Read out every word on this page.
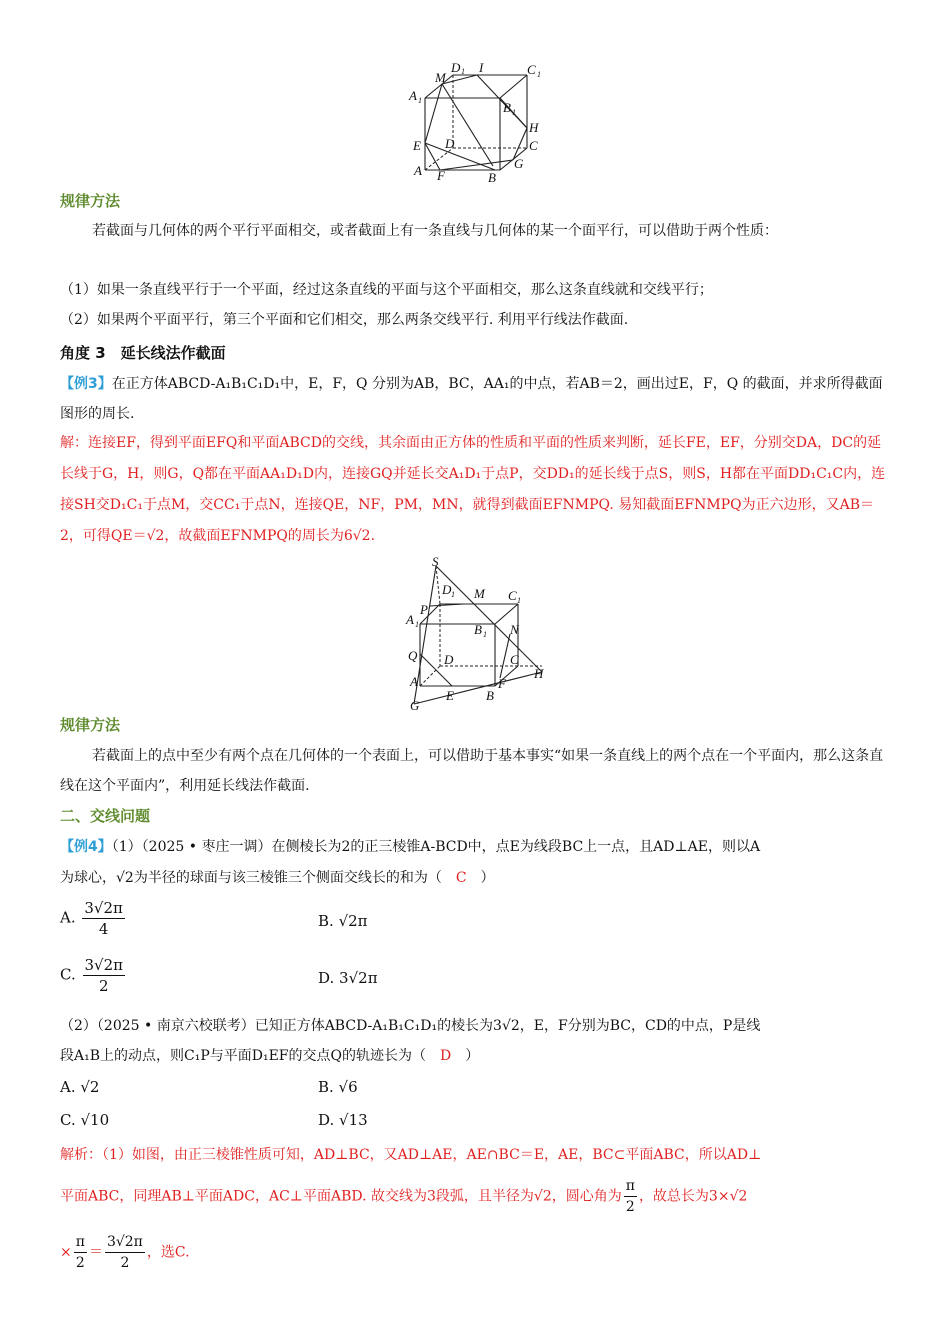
M
D 1 I	C 1
A 1	B 1
H
E D	C
A F	B
G
规律方法
若截面与几何体的两个平行平面相交，或者截面上有一条直线与几何体的某一个面平行，可以借助于两个性质：
（1）如果一条直线平行于一个平面，经过这条直线的平面与这个平面相交，那么这条直线就和交线平行；
（2）如果两个平面平行，第三个平面和它们相交，那么两条交线平行. 利用平行线法作截面.
角度 3　延长线法作截面
【例3】在正方体ABCD-A₁B₁C₁D₁中，E，F，Q 分别为AB，BC，AA₁的中点，若AB＝2，画出过E，F，Q 的截面，并求所得截面图形的周长.
解：连接EF，得到平面EFQ和平面ABCD的交线，其余面由正方体的性质和平面的性质来判断，延长FE，EF，分别交DA，DC的延长线于G，H，则G，Q都在平面AA₁D₁D内，连接GQ并延长交A₁D₁于点P，交DD₁的延长线于点S，则S，H都在平面DD₁C₁C内，连接SH交D₁C₁于点M，交CC₁于点N，连接QE，NF，PM，MN，就得到截面EFNMPQ. 易知截面EFNMPQ为正六边形，又AB＝2，可得QE＝√2，故截面EFNMPQ的周长为6√2.
S
D 1 M C 1
P
A 1	B 1 N
Q D	C
A	F
H
E B
G
规律方法
若截面上的点中至少有两个点在几何体的一个表面上，可以借助于基本事实“如果一条直线上的两个点在一个平面内，那么这条直线在这个平面内”，利用延长线法作截面.
二、交线问题
【例4】（1）（2025 • 枣庄一调）在侧棱长为2的正三棱锥A-BCD中，点E为线段BC上一点，且AD⊥AE，则以A
为球心，√2为半径的球面与该三棱锥三个侧面交线长的和为（ C ）
A. $\frac{3√2\pi}{4}$	B. √2π
C. $\frac{3√2\pi}{2}$	D. 3√2π
（2）（2025 • 南京六校联考）已知正方体ABCD-A₁B₁C₁D₁的棱长为3√2，E，F分别为BC，CD的中点，P是线
段A₁B上的动点，则C₁P与平面D₁EF的交点Q的轨迹长为（ D ）
A. √2	B. √6
C. √10	D. √13
解析：（1）如图，由正三棱锥性质可知，AD⊥BC，又AD⊥AE，AE∩BC＝E，AE，BC⊂平面ABC，所以AD⊥
平面ABC，同理AB⊥平面ADC，AC⊥平面ABD. 故交线为3段弧，且半径为√2，圆心角为 $\frac{\pi}{2}$ ，故总长为3×√2
× $\frac{\pi}{2} = \frac{3√2\pi}{2}$ ，选C.
